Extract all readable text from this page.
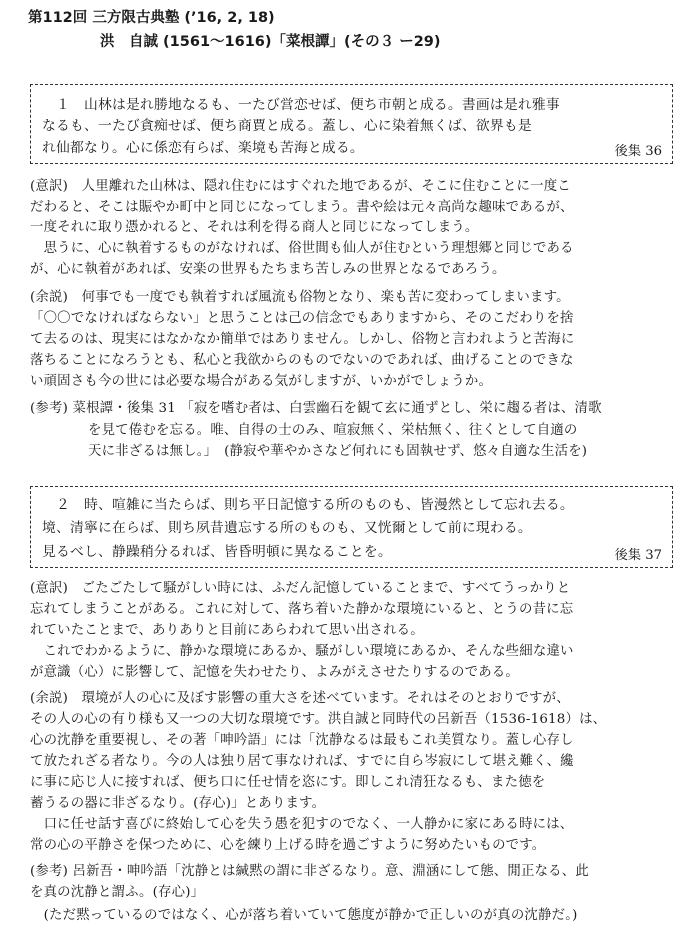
第112回 三方限古典塾 (’16, 2, 18)
洪　自誠 (1561〜1616)「菜根譚」(その３ ー29)
１　山林は是れ勝地なるも、一たび営恋せば、便ち市朝と成る。書画は是れ雅事
なるも、一たび貪痴せば、便ち商賈と成る。蓋し、心に染着無くば、欲界も是
れ仙都なり。心に係恋有らば、楽境も苦海と成る。	後集 36
(意訳)　人里離れた山林は、隠れ住むにはすぐれた地であるが、そこに住むことに一度こ
だわると、そこは賑やか町中と同じになってしまう。書や絵は元々高尚な趣味であるが、
一度それに取り憑かれると、それは利を得る商人と同じになってしまう。
　思うに、心に執着するものがなければ、俗世間も仙人が住むという理想郷と同じである
が、心に執着があれば、安楽の世界もたちまち苦しみの世界となるであろう。
(余説)　何事でも一度でも執着すれば風流も俗物となり、楽も苦に変わってしまいます。
「〇〇でなければならない」と思うことは己の信念でもありますから、そのこだわりを捨
て去るのは、現実にはなかなか簡単ではありません。しかし、俗物と言われようと苦海に
落ちることになろうとも、私心と我欲からのものでないのであれば、曲げることのできな
い頑固さも今の世には必要な場合がある気がしますが、いかがでしょうか。
(参考) 菜根譚・後集 31 「寂を嗜む者は、白雲幽石を観て玄に通ずとし、栄に趨る者は、清歌
を見て倦むを忘る。唯、自得の士のみ、喧寂無く、栄枯無く、往くとして自適の
天に非ざるは無し。」　(静寂や華やかさなど何れにも固執せず、悠々自適な生活を)
２　時、喧雑に当たらば、則ち平日記憶する所のものも、皆漫然として忘れ去る。
境、清寧に在らば、則ち夙昔遺忘する所のものも、又恍爾として前に現わる。
見るべし、静躁稍分るれば、皆昏明頓に異なることを。	後集 37
(意訳)　ごたごたして騒がしい時には、ふだん記憶していることまで、すべてうっかりと
忘れてしまうことがある。これに対して、落ち着いた静かな環境にいると、とうの昔に忘
れていたことまで、ありありと目前にあらわれて思い出される。
　これでわかるように、静かな環境にあるか、騒がしい環境にあるか、そんな些細な違い
が意識（心）に影響して、記憶を失わせたり、よみがえさせたりするのである。
(余説)　環境が人の心に及ぼす影響の重大さを述べています。それはそのとおりですが、
その人の心の有り様も又一つの大切な環境です。洪自誠と同時代の呂新吾（1536-1618）は、
心の沈静を重要視し、その著「呻吟語」には「沈静なるは最もこれ美質なり。蓋し心存し
て放たれざる者なり。今の人は独り居て事なければ、すでに自ら岑寂にして堪え難く、纔
に事に応じ人に接すれば、便ち口に任せ情を恣にす。即しこれ清狂なるも、また徳を
蓄うるの器に非ざるなり。(存心)」とあります。
　口に任せ話す喜びに終始して心を失う愚を犯すのでなく、一人静かに家にある時には、
常の心の平静さを保つために、心を練り上げる時を過ごすように努めたいものです。
(参考) 呂新吾・呻吟語「沈静とは緘黙の謂に非ざるなり。意、淵涵にして態、閒正なる、此
を真の沈静と謂ふ。(存心)」
　(ただ黙っているのではなく、心が落ち着いていて態度が静かで正しいのが真の沈静だ。)
